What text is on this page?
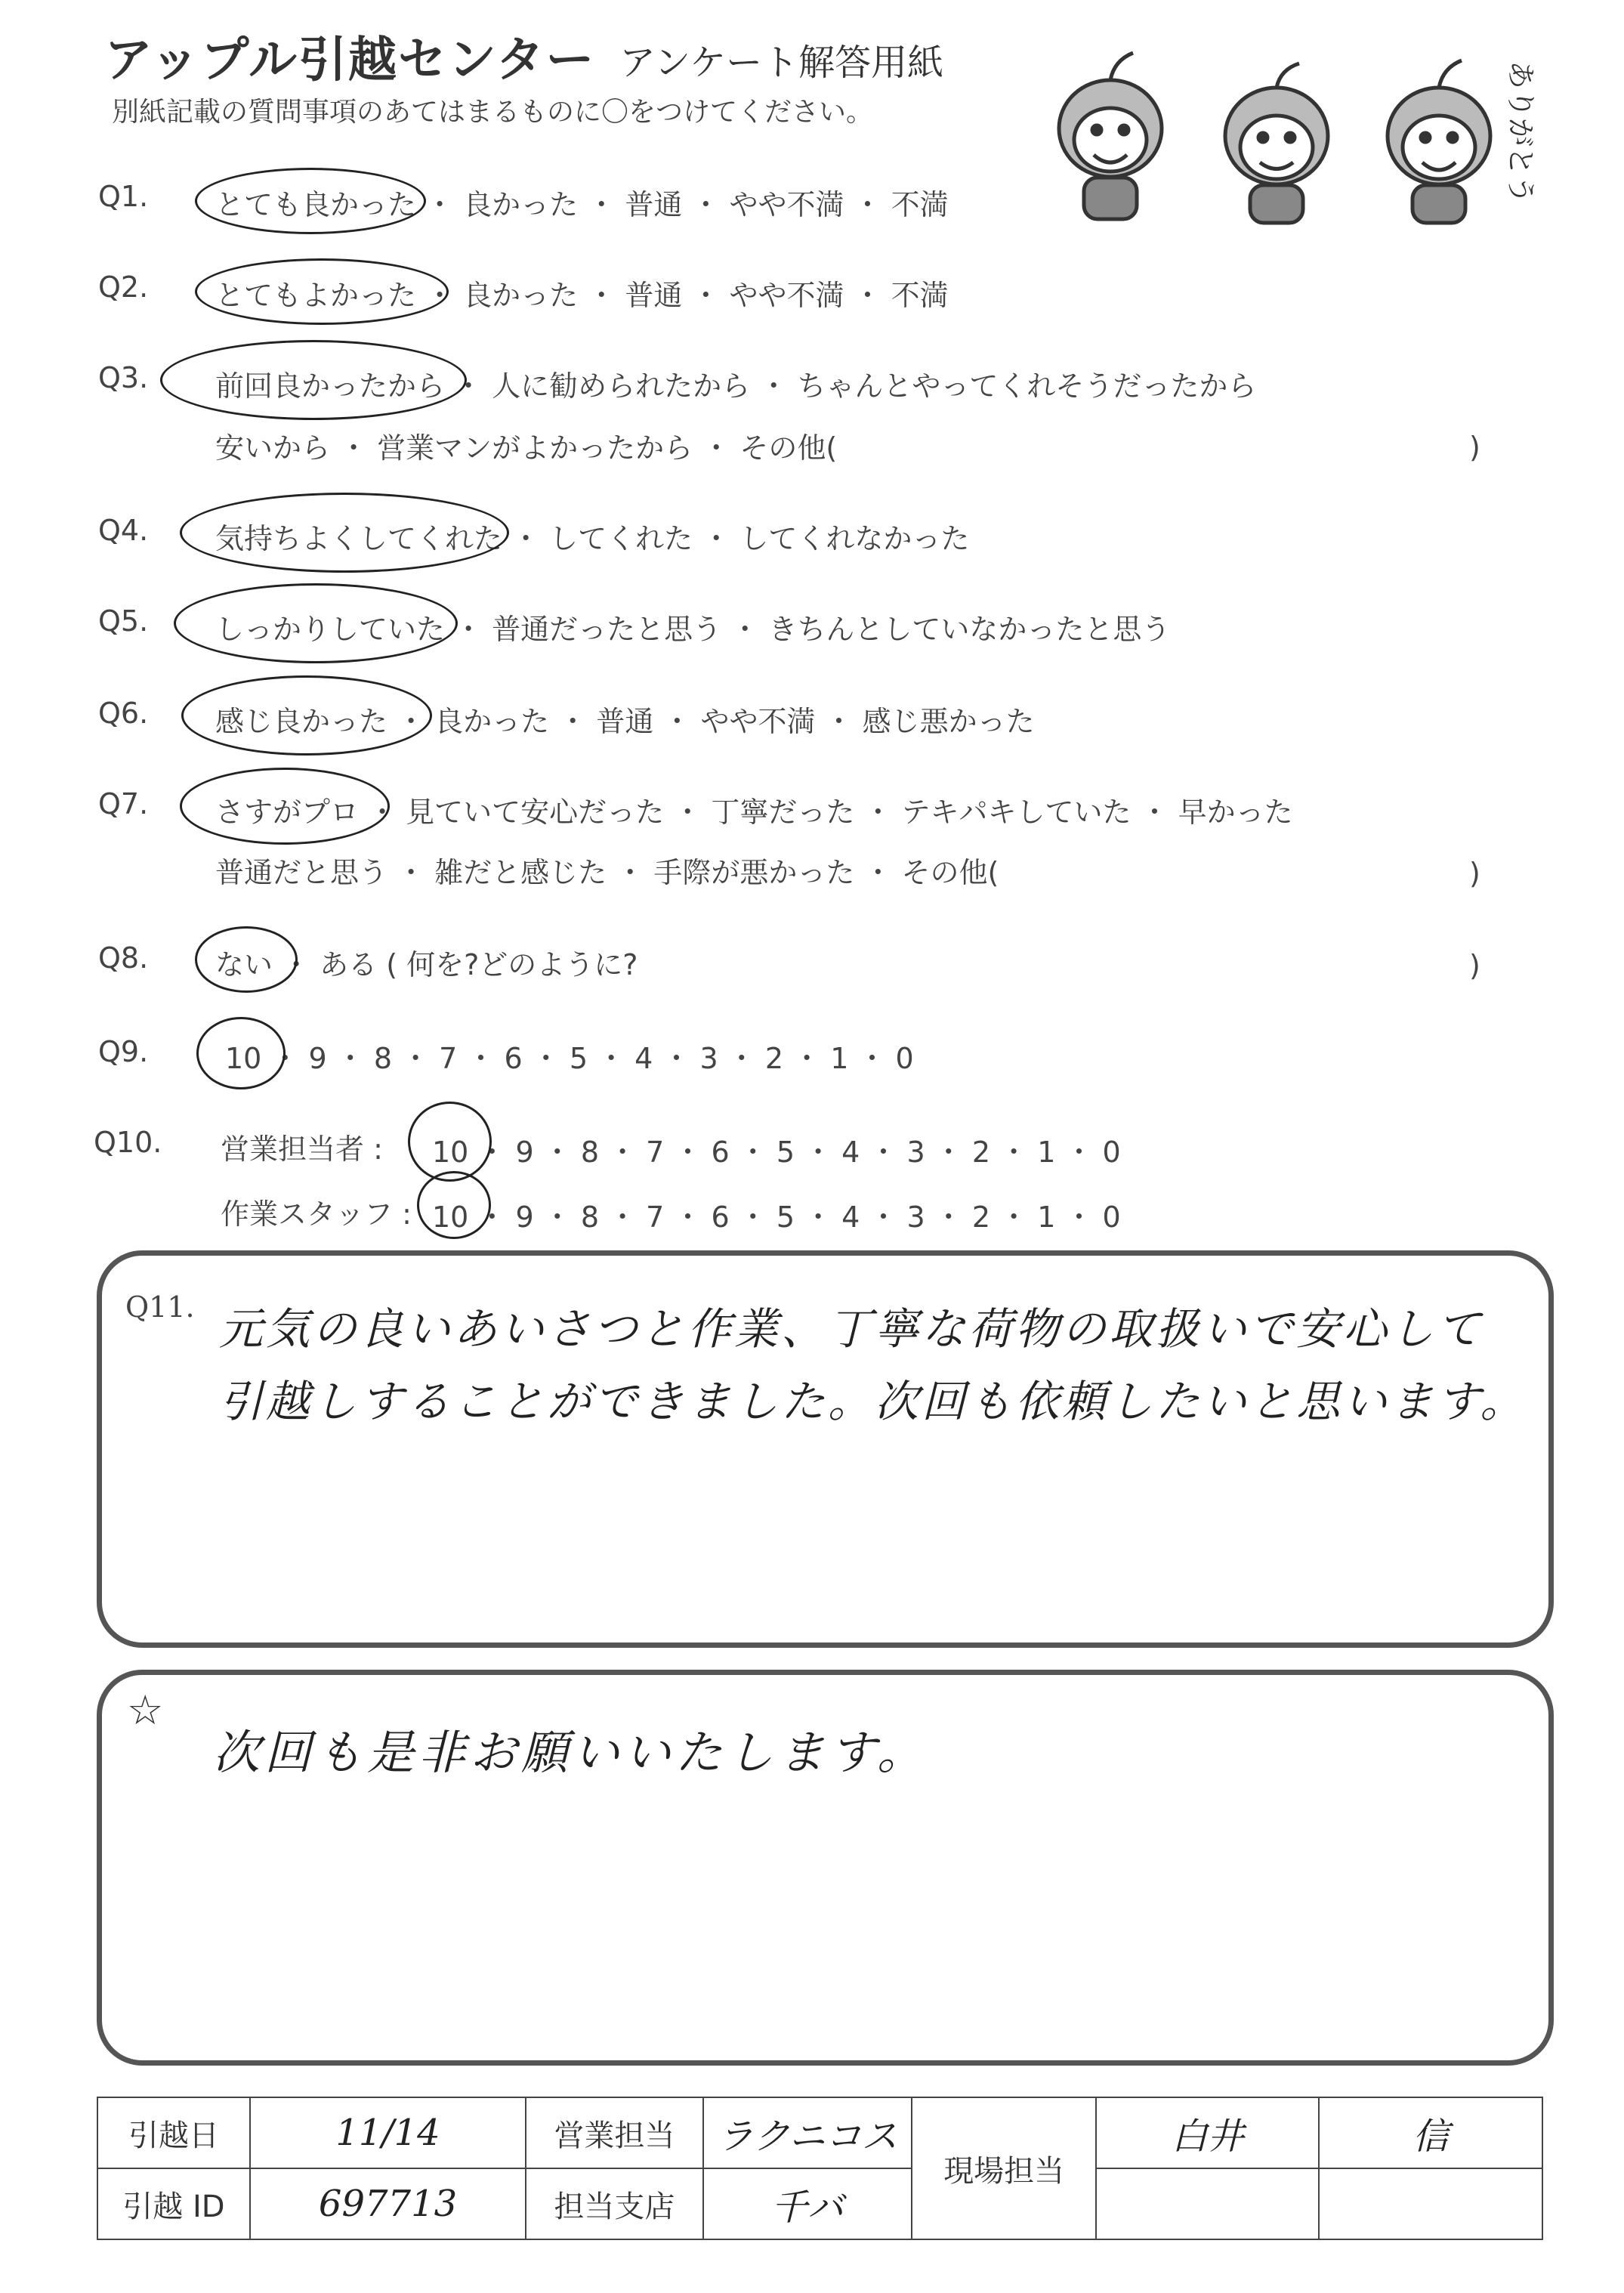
アップル引越センター アンケート解答用紙
別紙記載の質問事項のあてはまるものに〇をつけてください。	ありがとう
Q1. とても良かった ・ 良かった ・ 普通 ・ やや不満 ・ 不満
Q2. とてもよかった ・ 良かった ・ 普通 ・ やや不満 ・ 不満
Q3. 前回良かったから ・ 人に勧められたから ・ ちゃんとやってくれそうだったから
安いから ・ 営業マンがよかったから ・ その他(	)
Q4. 気持ちよくしてくれた ・ してくれた ・ してくれなかった
Q5. しっかりしていた ・ 普通だったと思う ・ きちんとしていなかったと思う
Q6. 感じ良かった ・ 良かった ・ 普通 ・ やや不満 ・ 感じ悪かった
Q7. さすがプロ ・ 見ていて安心だった ・ 丁寧だった ・ テキパキしていた ・ 早かった
普通だと思う ・ 雑だと感じた ・ 手際が悪かった ・ その他(	)
Q8. ない ・ ある ( 何を?どのように?	)
Q9.	10 ・ 9 ・ 8 ・ 7 ・ 6 ・ 5 ・ 4 ・ 3 ・ 2 ・ 1 ・ 0
Q10. 営業担当者 : 10 ・ 9 ・ 8 ・ 7 ・ 6 ・ 5 ・ 4 ・ 3 ・ 2 ・ 1 ・ 0
作業スタッフ : 10 ・ 9 ・ 8 ・ 7 ・ 6 ・ 5 ・ 4 ・ 3 ・ 2 ・ 1 ・ 0
Q11. 元気の良いあいさつと作業、丁寧な荷物の取扱いで安心して
引越しすることができました。次回も依頼したいと思います。
☆
次回も是非お願いいたします。
引越日	11/14	営業担当	ラクニコス	現場担当	白井	信
引越 ID	697713	担当支店	千バ			
